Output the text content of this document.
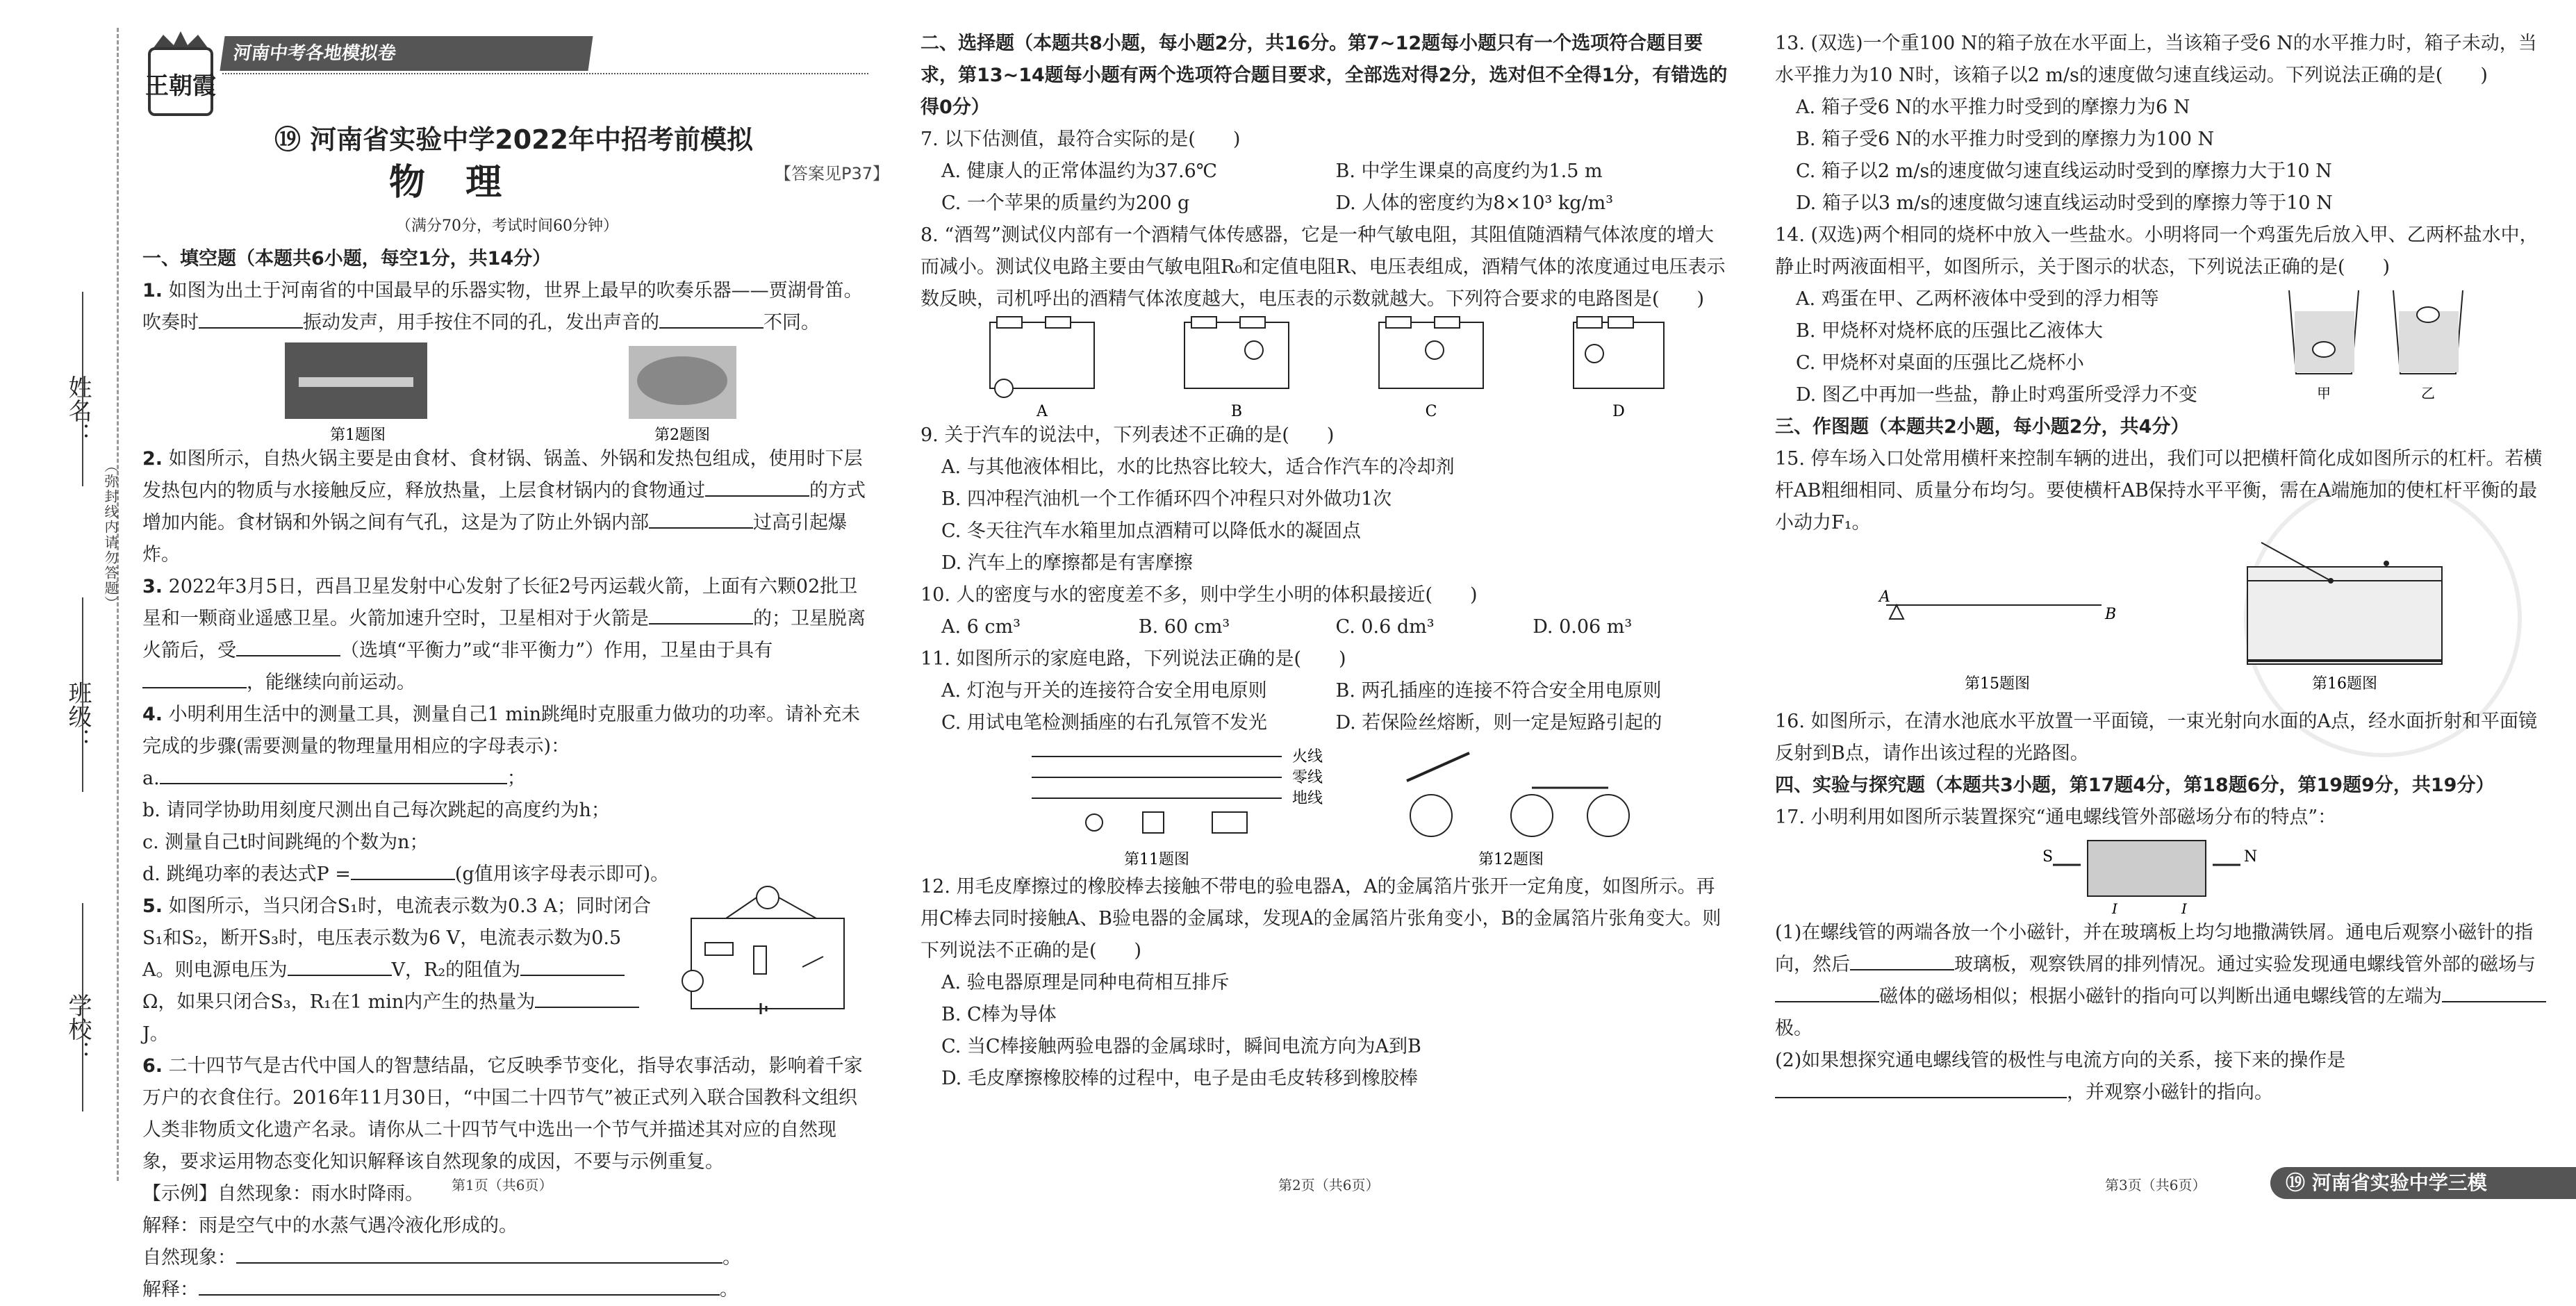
姓名：
班级：
学校：
（弥封线内请勿答题）
王朝霞
河南中考各地模拟卷
⑲ 河南省实验中学2022年中招考前模拟
物 理	【答案见P37】
（满分70分，考试时间60分钟）
一、填空题（本题共6小题，每空1分，共14分）
1. 如图为出土于河南省的中国最早的乐器实物，世界上最早的吹奏乐器——贾湖骨笛。吹奏时	振动发声，用手按住不同的孔，发出声音的	不同。
第1题图	第2题图
2. 如图所示，自热火锅主要是由食材、食材锅、锅盖、外锅和发热包组成，使用时下层发热包内的物质与水接触反应，释放热量，上层食材锅内的食物通过	的方式增加内能。食材锅和外锅之间有气孔，这是为了防止外锅内部	过高引起爆炸。
3. 2022年3月5日，西昌卫星发射中心发射了长征2号丙运载火箭，上面有六颗02批卫星和一颗商业遥感卫星。火箭加速升空时，卫星相对于火箭是	的；卫星脱离火箭后，受	（选填“平衡力”或“非平衡力”）作用，卫星由于具有，能继续向前运动。
4. 小明利用生活中的测量工具，测量自己1 min跳绳时克服重力做功的功率。请补充未完成的步骤(需要测量的物理量用相应的字母表示)：
a.	；
b. 请同学协助用刻度尺测出自己每次跳起的高度约为h；
c. 测量自己t时间跳绳的个数为n；
d. 跳绳功率的表达式P =	(g值用该字母表示即可)。
5. 如图所示，当只闭合S₁时，电流表示数为0.3 A；同时闭合S₁和S₂，断开S₃时，电压表示数为6 V，电流表示数为0.5 A。则电源电压为	V，R₂的阻值为Ω，如果只闭合S₃，R₁在1 min内产生的热量为J。
6. 二十四节气是古代中国人的智慧结晶，它反映季节变化，指导农事活动，影响着千家万户的衣食住行。2016年11月30日，“中国二十四节气”被正式列入联合国教科文组织人类非物质文化遗产名录。请你从二十四节气中选出一个节气并描述其对应的自然现象，要求运用物态变化知识解释该自然现象的成因，不要与示例重复。
【示例】自然现象：雨水时降雨。
解释：雨是空气中的水蒸气遇冷液化形成的。
自然现象：	。
解释：	。
第1页（共6页）
二、选择题（本题共8小题，每小题2分，共16分。第7~12题每小题只有一个选项符合题目要求，第13~14题每小题有两个选项符合题目要求，全部选对得2分，选对但不全得1分，有错选的得0分）
7. 以下估测值，最符合实际的是(　　)
A. 健康人的正常体温约为37.6℃	B. 中学生课桌的高度约为1.5 m
C. 一个苹果的质量约为200 g	D. 人体的密度约为8×10³ kg/m³
8. “酒驾”测试仪内部有一个酒精气体传感器，它是一种气敏电阻，其阻值随酒精气体浓度的增大而减小。测试仪电路主要由气敏电阻R₀和定值电阻R、电压表组成，酒精气体的浓度通过电压表示数反映，司机呼出的酒精气体浓度越大，电压表的示数就越大。下列符合要求的电路图是(　　)
A	B	C	D
9. 关于汽车的说法中，下列表述不正确的是(　　)
A. 与其他液体相比，水的比热容比较大，适合作汽车的冷却剂
B. 四冲程汽油机一个工作循环四个冲程只对外做功1次
C. 冬天往汽车水箱里加点酒精可以降低水的凝固点
D. 汽车上的摩擦都是有害摩擦
10. 人的密度与水的密度差不多，则中学生小明的体积最接近(　　)
A. 6 cm³	B. 60 cm³	C. 0.6 dm³	D. 0.06 m³
11. 如图所示的家庭电路，下列说法正确的是(　　)
A. 灯泡与开关的连接符合安全用电原则	B. 两孔插座的连接不符合安全用电原则
C. 用试电笔检测插座的右孔氖管不发光	D. 若保险丝熔断，则一定是短路引起的
火线
零线
地线
第11题图	第12题图
12. 用毛皮摩擦过的橡胶棒去接触不带电的验电器A，A的金属箔片张开一定角度，如图所示。再用C棒去同时接触A、B验电器的金属球，发现A的金属箔片张角变小，B的金属箔片张角变大。则下列说法不正确的是(　　)
A. 验电器原理是同种电荷相互排斥
B. C棒为导体
C. 当C棒接触两验电器的金属球时，瞬间电流方向为A到B
D. 毛皮摩擦橡胶棒的过程中，电子是由毛皮转移到橡胶棒
第2页（共6页）
13. (双选)一个重100 N的箱子放在水平面上，当该箱子受6 N的水平推力时，箱子未动，当水平推力为10 N时，该箱子以2 m/s的速度做匀速直线运动。下列说法正确的是(　　)
A. 箱子受6 N的水平推力时受到的摩擦力为6 N
B. 箱子受6 N的水平推力时受到的摩擦力为100 N
C. 箱子以2 m/s的速度做匀速直线运动时受到的摩擦力大于10 N
D. 箱子以3 m/s的速度做匀速直线运动时受到的摩擦力等于10 N
14. (双选)两个相同的烧杯中放入一些盐水。小明将同一个鸡蛋先后放入甲、乙两杯盐水中，静止时两液面相平，如图所示，关于图示的状态，下列说法正确的是(　　)
A. 鸡蛋在甲、乙两杯液体中受到的浮力相等
B. 甲烧杯对烧杯底的压强比乙液体大
C. 甲烧杯对桌面的压强比乙烧杯小
D. 图乙中再加一些盐，静止时鸡蛋所受浮力不变	甲	乙
三、作图题（本题共2小题，每小题2分，共4分）
15. 停车场入口处常用横杆来控制车辆的进出，我们可以把横杆简化成如图所示的杠杆。若横杆AB粗细相同、质量分布均匀。要使横杆AB保持水平平衡，需在A端施加的使杠杆平衡的最小动力F₁。
A
B
第15题图	第16题图
16. 如图所示，在清水池底水平放置一平面镜，一束光射向水面的A点，经水面折射和平面镜反射到B点，请作出该过程的光路图。
四、实验与探究题（本题共3小题，第17题4分，第18题6分，第19题9分，共19分）
17. 小明利用如图所示装置探究“通电螺线管外部磁场分布的特点”：
S	N
I	I
(1)在螺线管的两端各放一个小磁针，并在玻璃板上均匀地撒满铁屑。通电后观察小磁针的指向，然后	玻璃板，观察铁屑的排列情况。通过实验发现通电螺线管外部的磁场与磁体的磁场相似；根据小磁针的指向可以判断出通电螺线管的左端为极。
(2)如果想探究通电螺线管的极性与电流方向的关系，接下来的操作是，并观察小磁针的指向。
第3页（共6页）	⑲ 河南省实验中学三模
